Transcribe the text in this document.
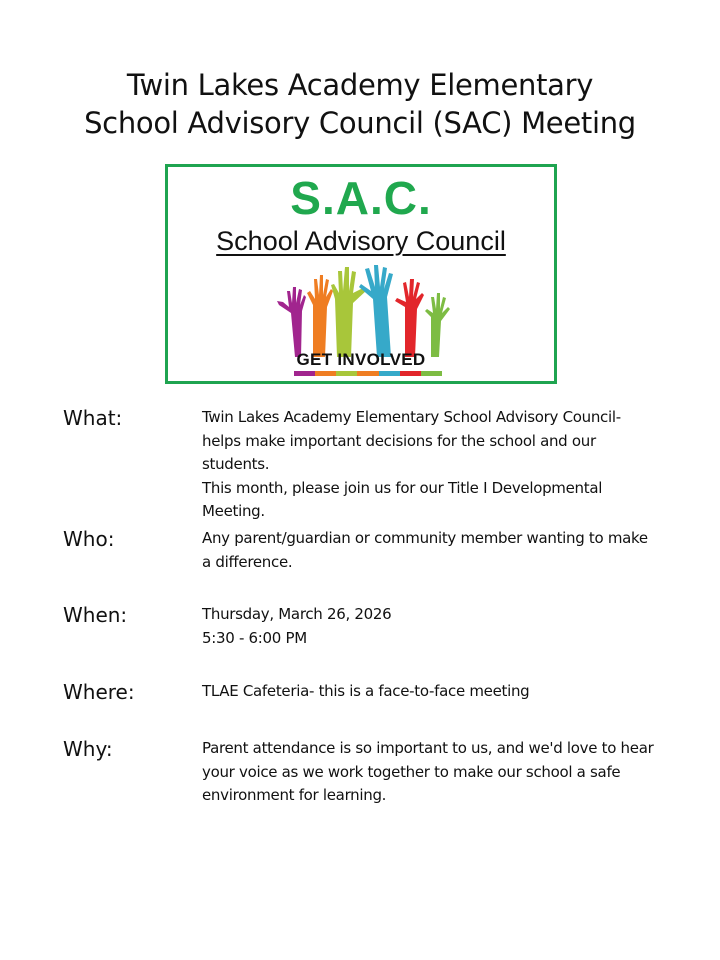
Twin Lakes Academy Elementary
School Advisory Council (SAC) Meeting
S.A.C.
School Advisory Council
GET INVOLVED
What:	Twin Lakes Academy Elementary School Advisory Council- helps make important decisions for the school and our students.

This month, please join us for our Title I Developmental Meeting.

Who:	Any parent/guardian or community member wanting to make a difference.

When:	Thursday, March 26, 2026

5:30 - 6:00 PM

Where:	TLAE Cafeteria- this is a face-to-face meeting

Why:	Parent attendance is so important to us, and we'd love to hear your voice as we work together to make our school a safe environment for learning.
